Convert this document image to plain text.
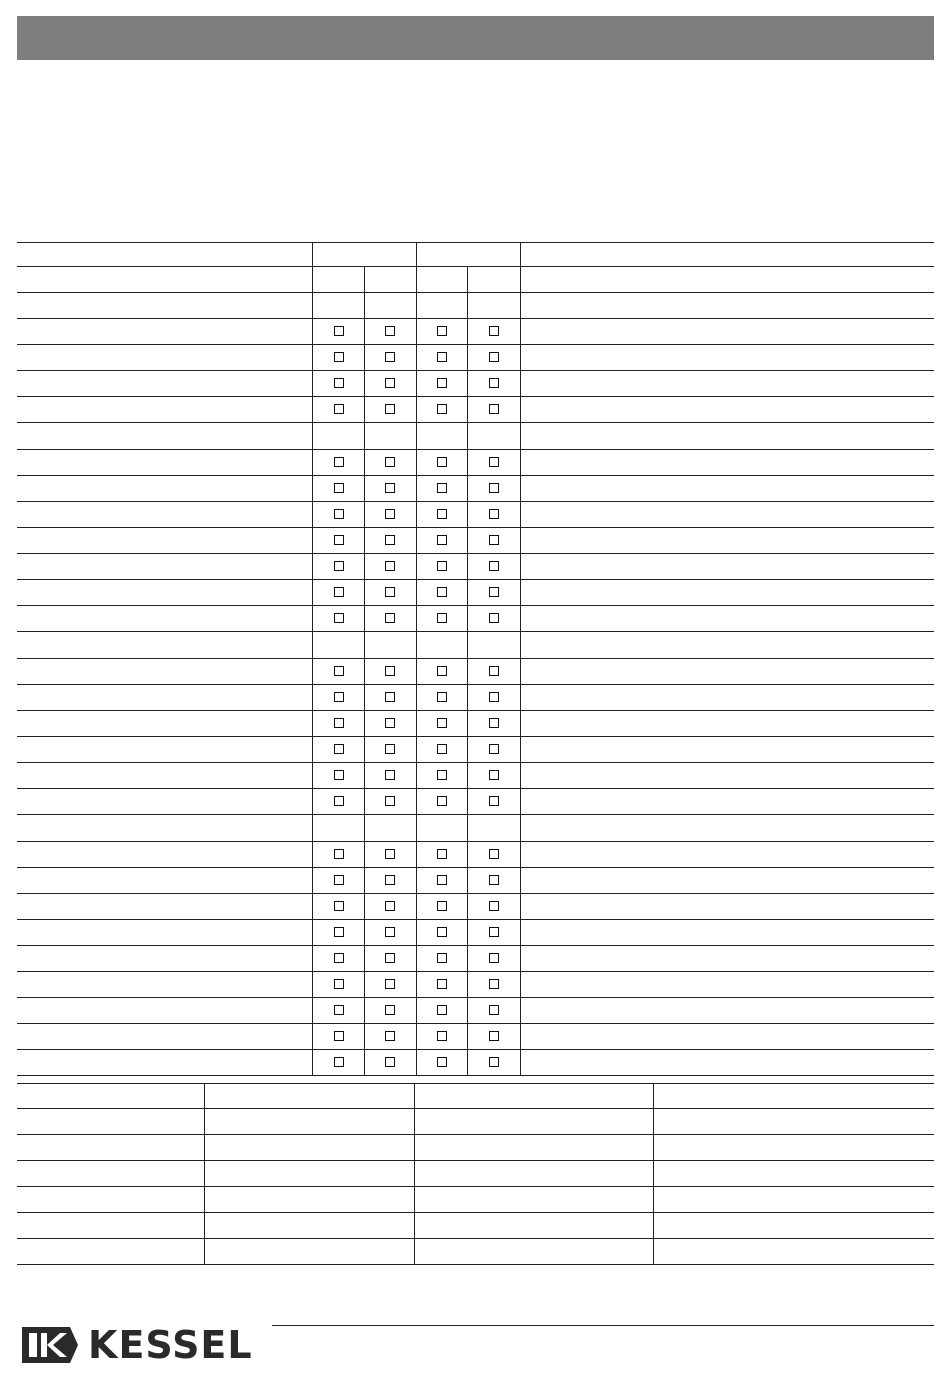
KESSEL
